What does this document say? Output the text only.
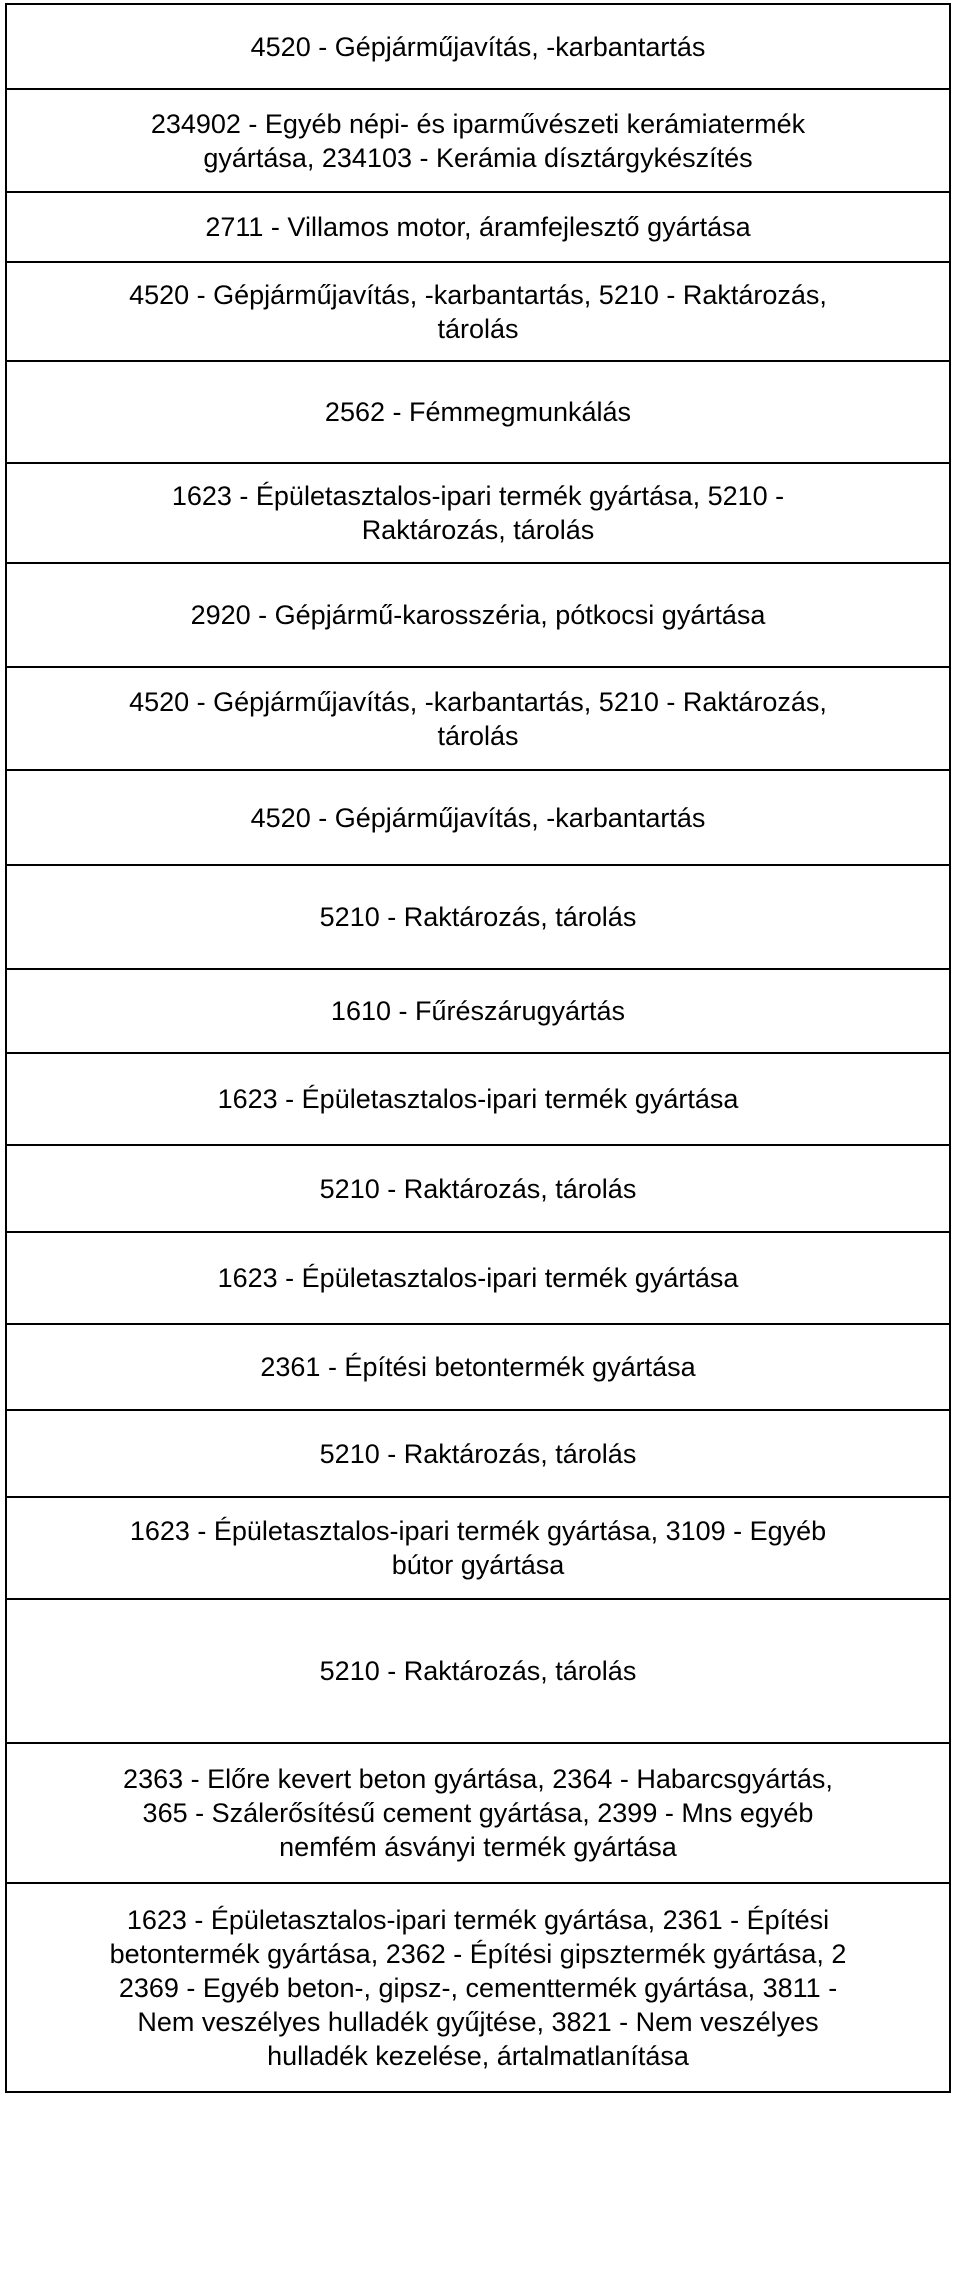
4520 - Gépjárműjavítás, -karbantartás
234902 - Egyéb népi- és iparművészeti kerámiatermék
gyártása, 234103 - Kerámia dísztárgykészítés
2711 - Villamos motor, áramfejlesztő gyártása
4520 - Gépjárműjavítás, -karbantartás, 5210 - Raktározás,
tárolás
2562 - Fémmegmunkálás
1623 - Épületasztalos-ipari termék gyártása, 5210 -
Raktározás, tárolás
2920 - Gépjármű-karosszéria, pótkocsi gyártása
4520 - Gépjárműjavítás, -karbantartás, 5210 - Raktározás,
tárolás
4520 - Gépjárműjavítás, -karbantartás
5210 - Raktározás, tárolás
1610 - Fűrészárugyártás
1623 - Épületasztalos-ipari termék gyártása
5210 - Raktározás, tárolás
1623 - Épületasztalos-ipari termék gyártása
2361 - Építési betontermék gyártása
5210 - Raktározás, tárolás
1623 - Épületasztalos-ipari termék gyártása, 3109 - Egyéb
bútor gyártása
5210 - Raktározás, tárolás
2363 - Előre kevert beton gyártása, 2364 - Habarcsgyártás,
365 - Szálerősítésű cement gyártása, 2399 - Mns egyéb
nemfém ásványi termék gyártása
1623 - Épületasztalos-ipari termék gyártása, 2361 - Építési
betontermék gyártása, 2362 - Építési gipsztermék gyártása, 2
2369 - Egyéb beton-, gipsz-, cementtermék gyártása, 3811 -
Nem veszélyes hulladék gyűjtése, 3821 - Nem veszélyes
hulladék kezelése, ártalmatlanítása
